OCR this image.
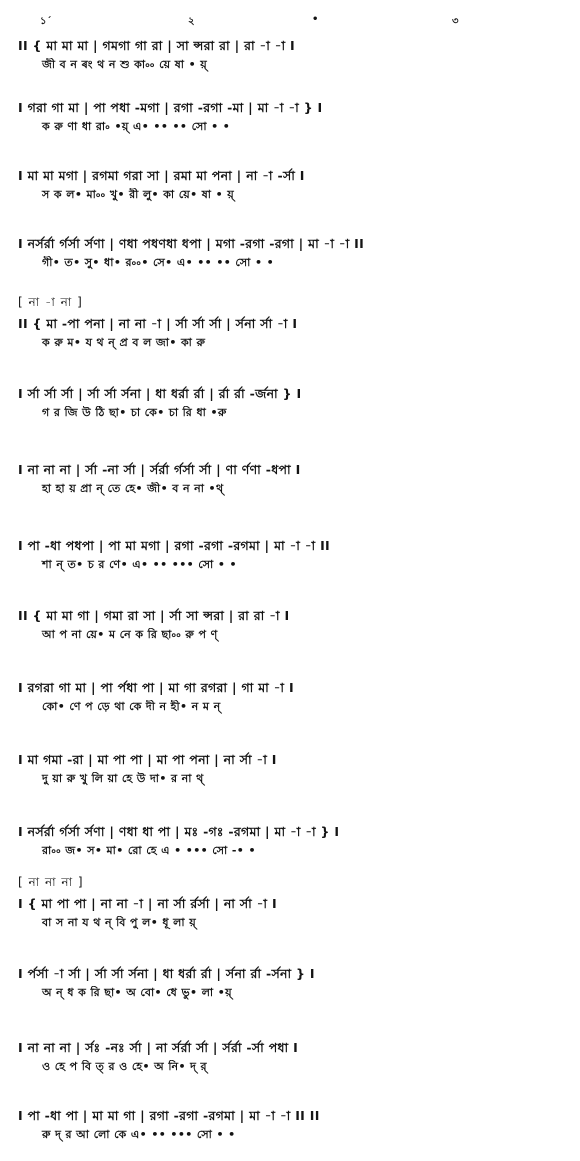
১´	২	•	৩
II { মা মা মা | গমগা গা রা | সা ন্সরা রা | রা -া -া I
জী ব ন ৰং থ ন শু কা৹৹ য়ে ষা • য়্
I গরা গা মা | পা পধা -মগা | রগা -রগা -মা | মা -া -া } I
ক রু ণা ধা রা৹ •য়্ এ• •• •• সো • •
I মা মা মগা | রগমা গরা সা | রমা মা পনা | না -া -র্সা I
স ক ল• মা৹৹ খু• রী লু• কা য়ে• ষা • য়্
I নর্সর্রা র্গর্সা র্সণা | ণধা পধণধা ধপা | মগা -রগা -রগা | মা -া -া II
গী• ত• সু• ধা• র৹৹• সে• এ• •• •• সো • •
[ না -া না ]
II { মা -পা পনা | না না -া | র্সা র্সা র্সা | র্সনা র্সা -া I
ক রু ম• য থ ন্ প্র ব ল জা• কা রু
I র্সা র্সা র্সা | র্সা র্সা র্সনা | ধা ধর্রা র্রা | র্রা র্রা -র্জনা } I
গ র জি উ ঠি ছা• চা কে• চা রি ধা •রু
I না না না | র্সা -না র্সা | র্সর্রা র্গর্সা র্সা | ণা র্ণণা -ধপা I
হা হা য় প্রা ন্ তে হে• জী• ব ন না •থ্
I পা -ধা পধপা | পা মা মগা | রগা -রগা -রগমা | মা -া -া II
শা ন্ ত• চ র ণে• এ• •• ••• সো • •
II { মা মা গা | গমা রা সা | র্সা সা ন্সরা | রা রা -া I
আ প না য়ে• ম নে ক রি ছা৹৹ রু প ণ্
I রগরা গা মা | পা র্পধা পা | মা গা রগরা | গা মা -া I
কো• ণে প ড়ে থা কে দী ন হী• ন ম ন্
I মা গমা -রা | মা পা পা | মা পা পনা | না র্সা -া I
দু য়া রু খু লি য়া হে উ দা• র না থ্
I নর্সর্রা র্গর্সা র্সণা | ণধা ধা পা | মঃ -গঃ -রগমা | মা -া -া } I
রা৹৹ জ• স• মা• রো হে এ • ••• সো -• •
[ না না না ]
I { মা পা পা | না না -া | না র্সা র্রর্সা | না র্সা -া I
বা স না য থ ন্ বি পু ল• ধূ লা য়্
I র্পর্সা -া র্সা | র্সা র্সা র্সনা | ধা ধর্রা র্রা | র্সনা র্রা -র্সনা } I
অ ন্ ধ ক রি ছা• অ বো• ধে ভু• লা •য়্
I না না না | র্সঃ -নঃ র্সা | না র্সর্রা র্সা | র্সর্রা -র্সা পধা I
ও হে প বি ত্ র ও হে• অ নি• দ্ র্
I পা -ধা পা | মা মা গা | রগা -রগা -রগমা | মা -া -া II II
রু দ্ র আ লো কে এ• •• ••• সো • •
